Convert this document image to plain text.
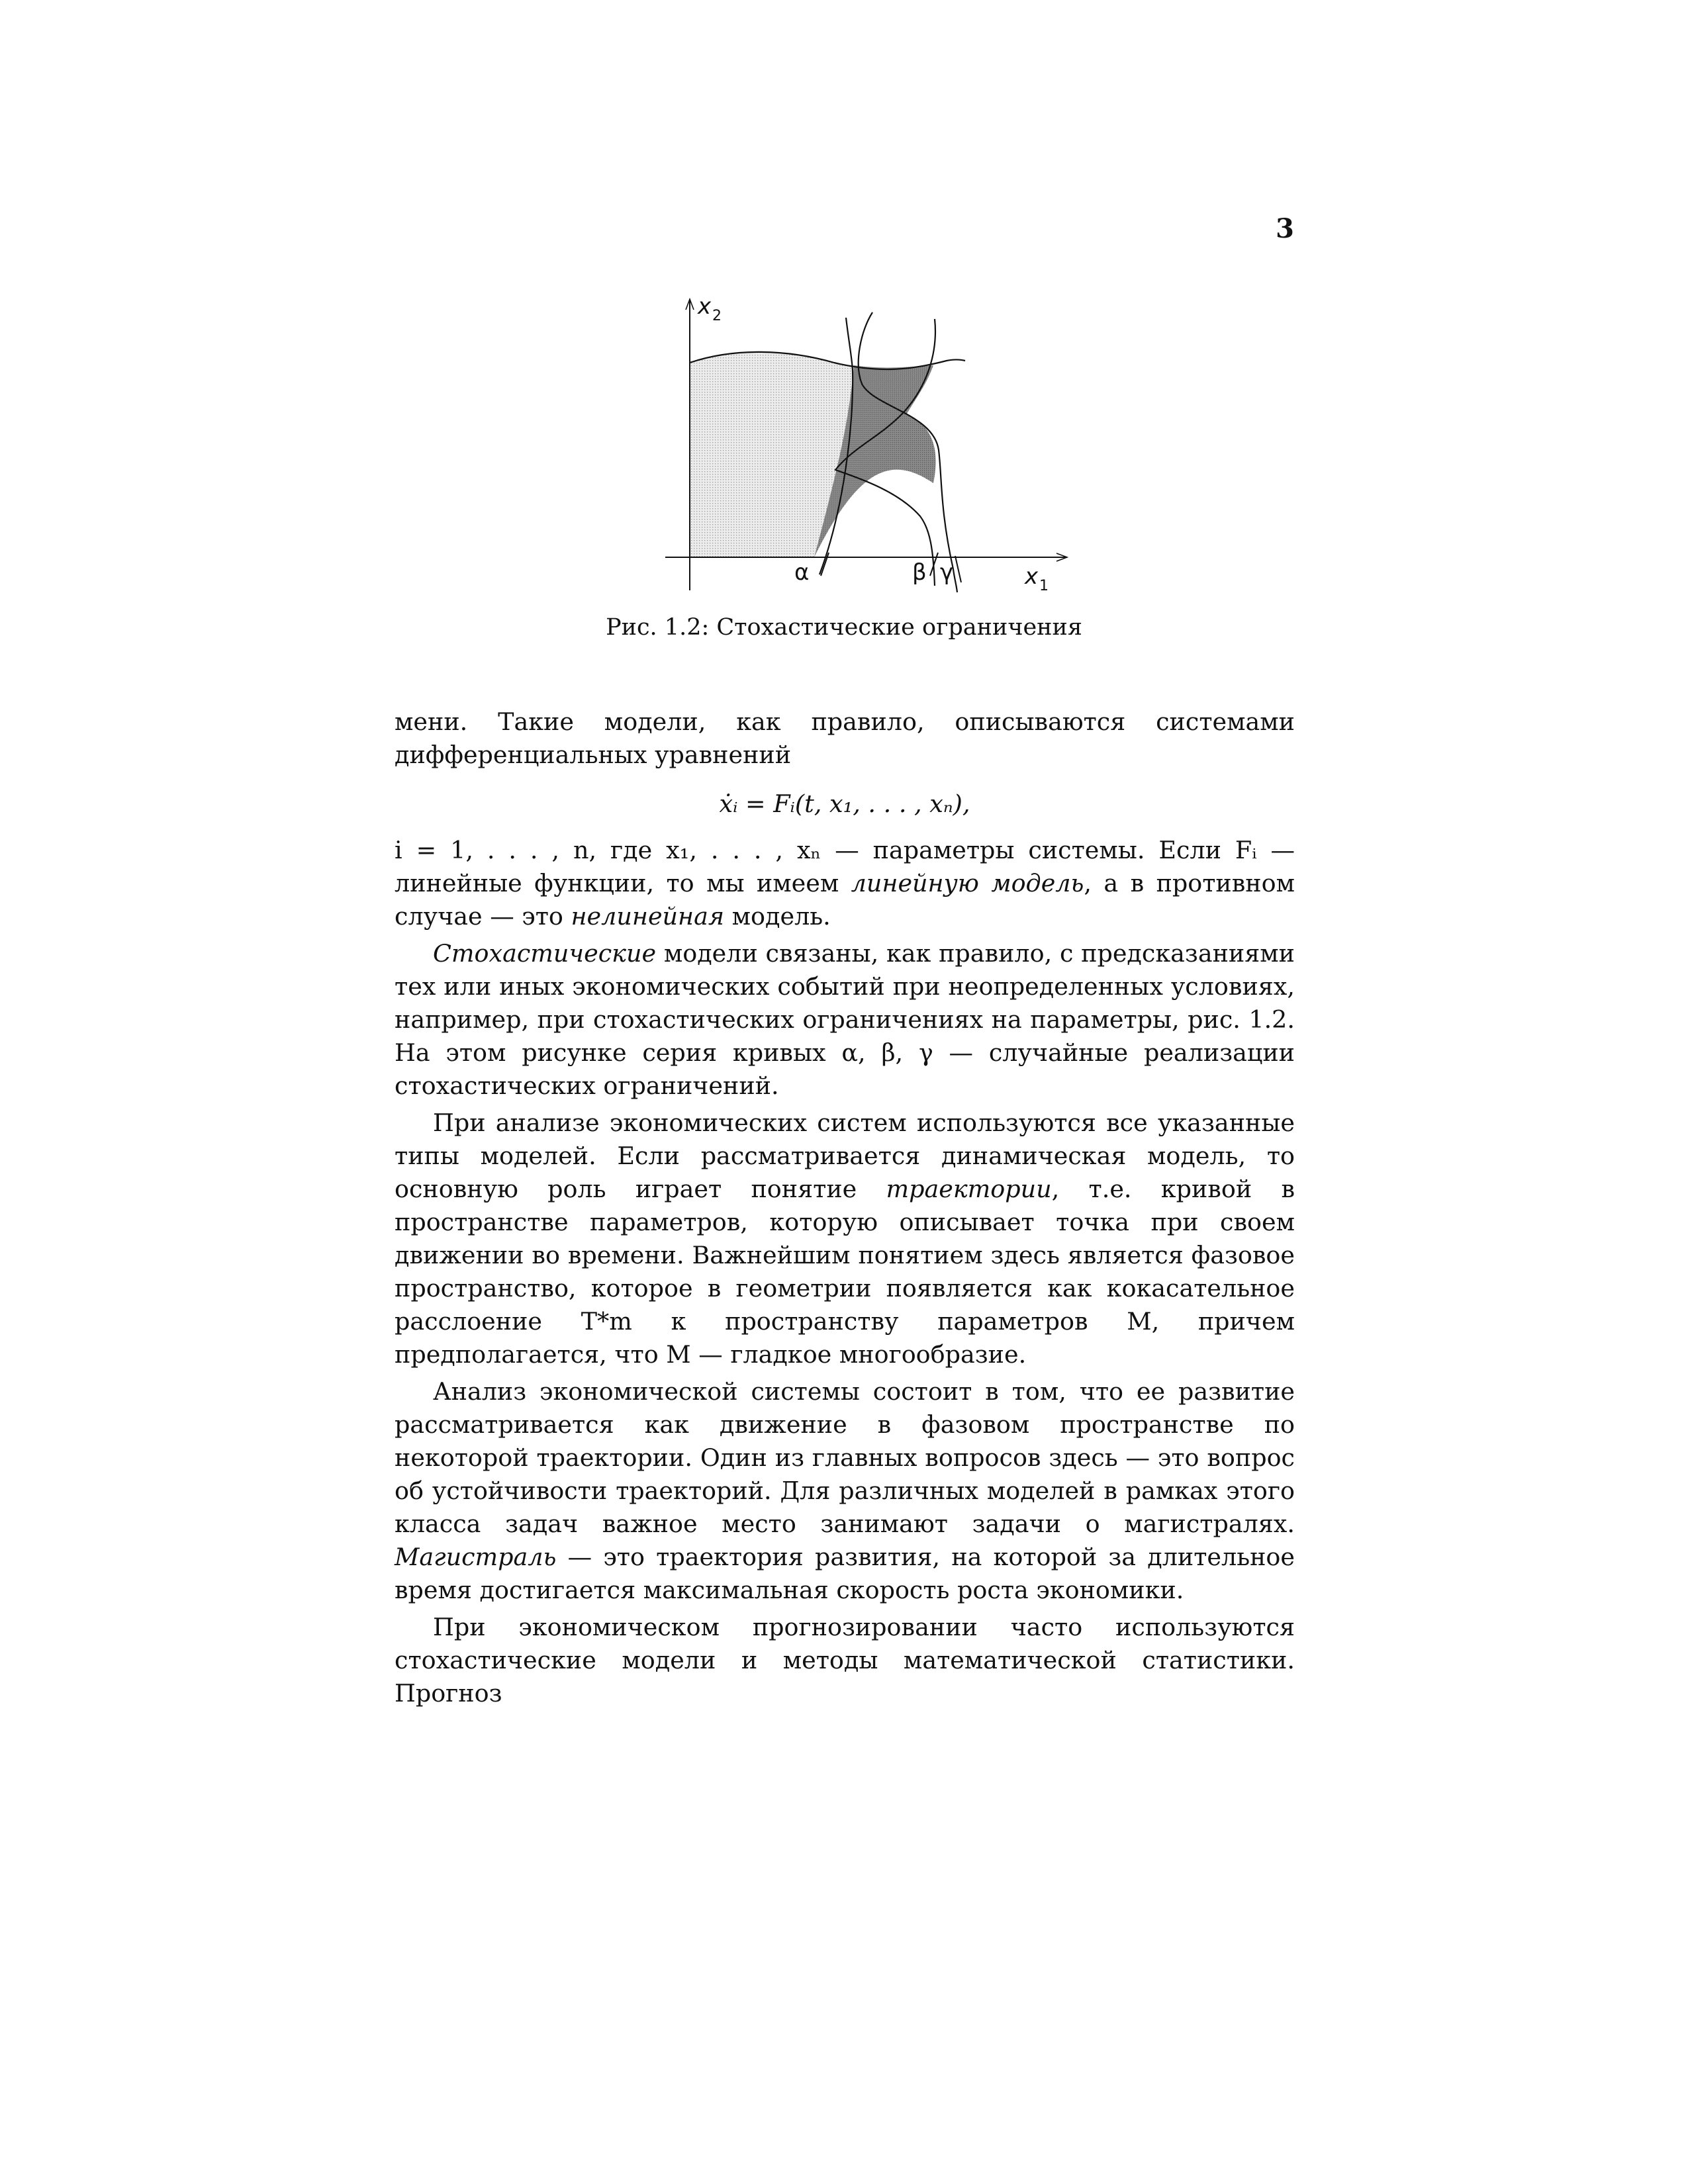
3
x 2
x 1
α	β γ
Рис. 1.2: Стохастические ограничения

мени. Такие модели, как правило, описываются системами дифференциальных уравнений

ẋᵢ = Fᵢ(t, x₁, . . . , xₙ),

i = 1, . . . , n, где x₁, . . . , xₙ — параметры системы. Если Fᵢ — линейные функции, то мы имеем линейную модель, а в противном случае — это нелинейная модель.

Стохастические модели связаны, как правило, с предсказаниями тех или иных экономических событий при неопределенных условиях, например, при стохастических ограничениях на параметры, рис. 1.2. На этом рисунке серия кривых α, β, γ — случайные реализации стохастических ограничений.

При анализе экономических систем используются все указанные типы моделей. Если рассматривается динамическая модель, то основную роль играет понятие траектории, т.е. кривой в пространстве параметров, которую описывает точка при своем движении во времени. Важнейшим понятием здесь является фазовое пространство, которое в геометрии появляется как кокасательное расслоение T*m к пространству параметров M, причем предполагается, что M — гладкое многообразие.

Анализ экономической системы состоит в том, что ее развитие рассматривается как движение в фазовом пространстве по некоторой траектории. Один из главных вопросов здесь — это вопрос об устойчивости траекторий. Для различных моделей в рамках этого класса задач важное место занимают задачи о магистралях. Магистраль — это траектория развития, на которой за длительное время достигается максимальная скорость роста экономики.

При экономическом прогнозировании часто используются стохастические модели и методы математической статистики. Прогноз
